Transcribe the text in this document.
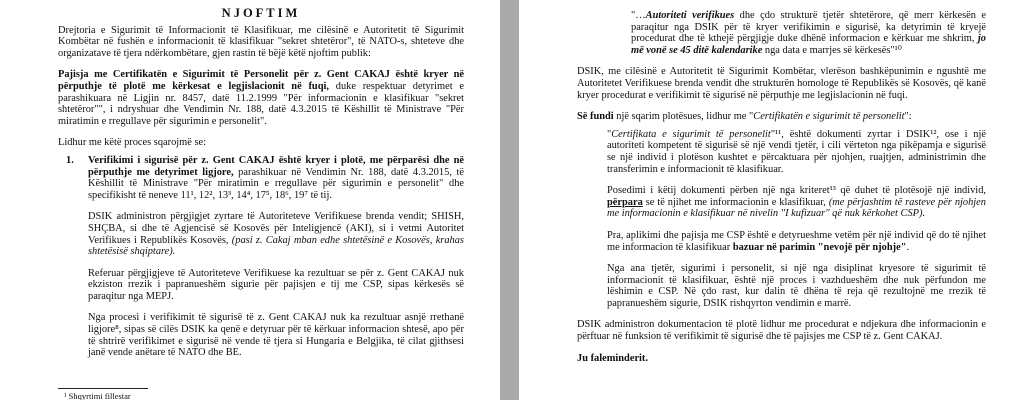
NJOFTIM

Drejtoria e Sigurimit të Informacionit të Klasifikuar, me cilësinë e Autoritetit të Sigurimit Kombëtar në fushën e informacionit të klasifikuar "sekret shtetëror", të NATO-s, shteteve dhe organizatave të tjera ndërkombëtare, gjen rastin të bëjë këtë njoftim publik:

Pajisja me Certifikatën e Sigurimit të Personelit për z. Gent CAKAJ është kryer në përputhje të plotë me kërkesat e legjislacionit në fuqi, duke respektuar detyrimet e parashikuara në Ligjin nr. 8457, datë 11.2.1999 "Për informacionin e klasifikuar "sekret shtetëror"", i ndryshuar dhe Vendimin Nr. 188, datë 4.3.2015 të Këshillit të Ministrave "Për miratimin e rregullave për sigurimin e personelit".

Lidhur me këtë proces sqarojmë se:

1. Verifikimi i sigurisë për z. Gent CAKAJ është kryer i plotë, me përparësi dhe në përputhje me detyrimet ligjore, parashikuar në Vendimin Nr. 188, datë 4.3.2015, të Këshillit të Ministrave "Për miratimin e rregullave për sigurimin e personelit" dhe specifikisht të neneve 11¹, 12², 13³, 14⁴, 17⁵, 18⁶, 19⁷ të tij.

DSIK administron përgjigjet zyrtare të Autoriteteve Verifikuese brenda vendit; SHISH, SHÇBA, si dhe të Agjencisë së Kosovës për Inteligjencë (AKI), si i vetmi Autoritet Verifikues i Republikës Kosovës, (pasi z. Cakaj mban edhe shtetësinë e Kosovës, krahas shtetësisë shqiptare).

Referuar përgjigjeve të Autoriteteve Verifikuese ka rezultuar se për z. Gent CAKAJ nuk ekziston rrezik i papranueshëm sigurie për pajisjen e tij me CSP, sipas kërkesës së paraqitur nga MEPJ.

Nga procesi i verifikimit të sigurisë të z. Gent CAKAJ nuk ka rezultuar asnjë rrethanë ligjore⁸, sipas së cilës DSIK ka qenë e detyruar për të kërkuar informacion shtesë, apo për të shtrirë verifikimet e sigurisë në vende të tjera si Hungaria e Belgjika, të cilat gjithsesi janë vende anëtare të NATO dhe BE.

¹ Shqyrtimi fillestar

"…Autoriteti verifikues dhe çdo strukturë tjetër shtetërore, që merr kërkesën e paraqitur nga DSIK për të kryer verifikimin e sigurisë, ka detyrimin të kryejë procedurat dhe të kthejë përgjigje duke dhënë informacion e kërkuar me shkrim, jo më vonë se 45 ditë kalendarike nga data e marrjes së kërkesës"¹⁰

DSIK, me cilësinë e Autoritetit të Sigurimit Kombëtar, vlerëson bashkëpunimin e ngushtë me Autoritetet Verifikuese brenda vendit dhe strukturën homologe të Republikës së Kosovës, që kanë kryer procedurat e verifikimit të sigurisë në përputhje me legjislacionin në fuqi.

Së fundi një sqarim plotësues, lidhur me "Certifikatën e sigurimit të personelit":

"Certifikata e sigurimit të personelit"¹¹, është dokumenti zyrtar i DSIK¹², ose i një autoriteti kompetent të sigurisë së një vendi tjetër, i cili vërteton nga pikëpamja e sigurisë se një individ i plotëson kushtet e përcaktuara për njohjen, ruajtjen, administrimin dhe transferimin e informacionit të klasifikuar.

Posedimi i këtij dokumenti përben një nga kriteret¹³ që duhet të plotësojë një individ, përpara se të njihet me informacionin e klasifikuar, (me përjashtim të rasteve për njohjen me informacionin e klasifikuar në nivelin "I kufizuar" që nuk kërkohet CSP).

Pra, aplikimi dhe pajisja me CSP është e detyrueshme vetëm për një individ që do të njihet me informacion të klasifikuar bazuar në parimin "nevojë për njohje".

Nga ana tjetër, sigurimi i personelit, si një nga disiplinat kryesore të sigurimit të informacionit të klasifikuar, është një proces i vazhdueshëm dhe nuk përfundon me lëshimin e CSP. Në çdo rast, kur dalin të dhëna të reja që rezultojnë me rrezik të papranueshëm sigurie, DSIK rishqyrton vendimin e marrë.

DSIK administron dokumentacion të plotë lidhur me procedurat e ndjekura dhe informacionin e përftuar në funksion të verifikimit të sigurisë dhe të pajisjes me CSP të z. Gent CAKAJ.

Ju faleminderit.
